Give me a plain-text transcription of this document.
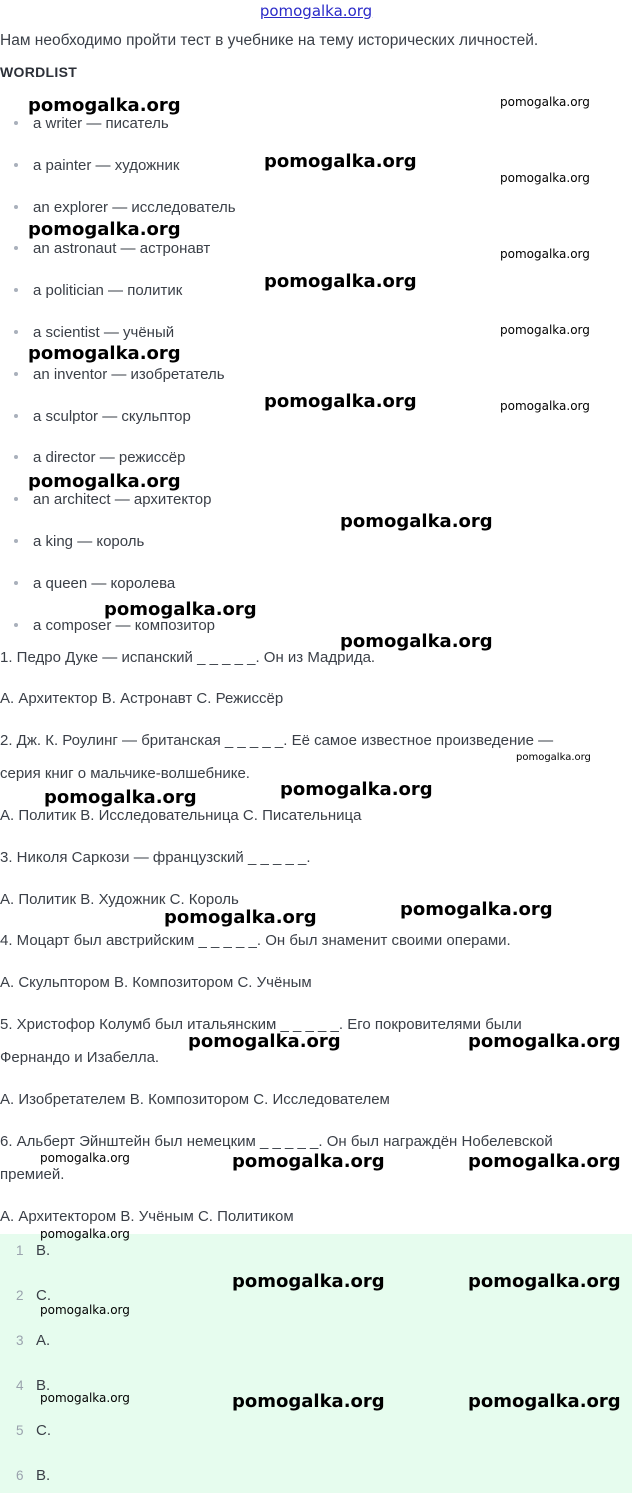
pomogalka.org
Нам необходимо пройти тест в учебнике на тему исторических личностей.
WORDLIST
a writer — писатель
a painter — художник
an explorer — исследователь
an astronaut — астронавт
a politician — политик
a scientist — учёный
an inventor — изобретатель
a sculptor — скульптор
a director — режиссёр
an architect — архитектор
a king — король
a queen — королева
a composer — композитор
1. Педро Дуке — испанский _ _ _ _ _. Он из Мадрида.
A. Архитектор B. Астронавт C. Режиссёр
2. Дж. К. Роулинг — британская _ _ _ _ _. Её самое известное произведение —
серия книг о мальчике-волшебнике.
A. Политик B. Исследовательница C. Писательница
3. Николя Саркози — французский _ _ _ _ _.
A. Политик B. Художник C. Король
4. Моцарт был австрийским _ _ _ _ _. Он был знаменит своими операми.
A. Скульптором B. Композитором C. Учёным
5. Христофор Колумб был итальянским _ _ _ _ _. Его покровителями были
Фернандо и Изабелла.
A. Изобретателем B. Композитором C. Исследователем
6. Альберт Эйнштейн был немецким _ _ _ _ _. Он был награждён Нобелевской
премией.
A. Архитектором B. Учёным C. Политиком
1 B.
2 C.
3 A.
4 B.
5 C.
6 B.
pomogalka.org	pomogalka.org
pomogalka.org
pomogalka.org
pomogalka.org
pomogalka.org
pomogalka.org
pomogalka.org
pomogalka.org
pomogalka.org	pomogalka.org
pomogalka.org
pomogalka.org
pomogalka.org
pomogalka.org
pomogalka.org
pomogalka.org
pomogalka.org
pomogalka.org
pomogalka.org
pomogalka.org	pomogalka.org
pomogalka.org	pomogalka.org	pomogalka.org
pomogalka.org
pomogalka.org	pomogalka.org
pomogalka.org
pomogalka.org	pomogalka.org	pomogalka.org
